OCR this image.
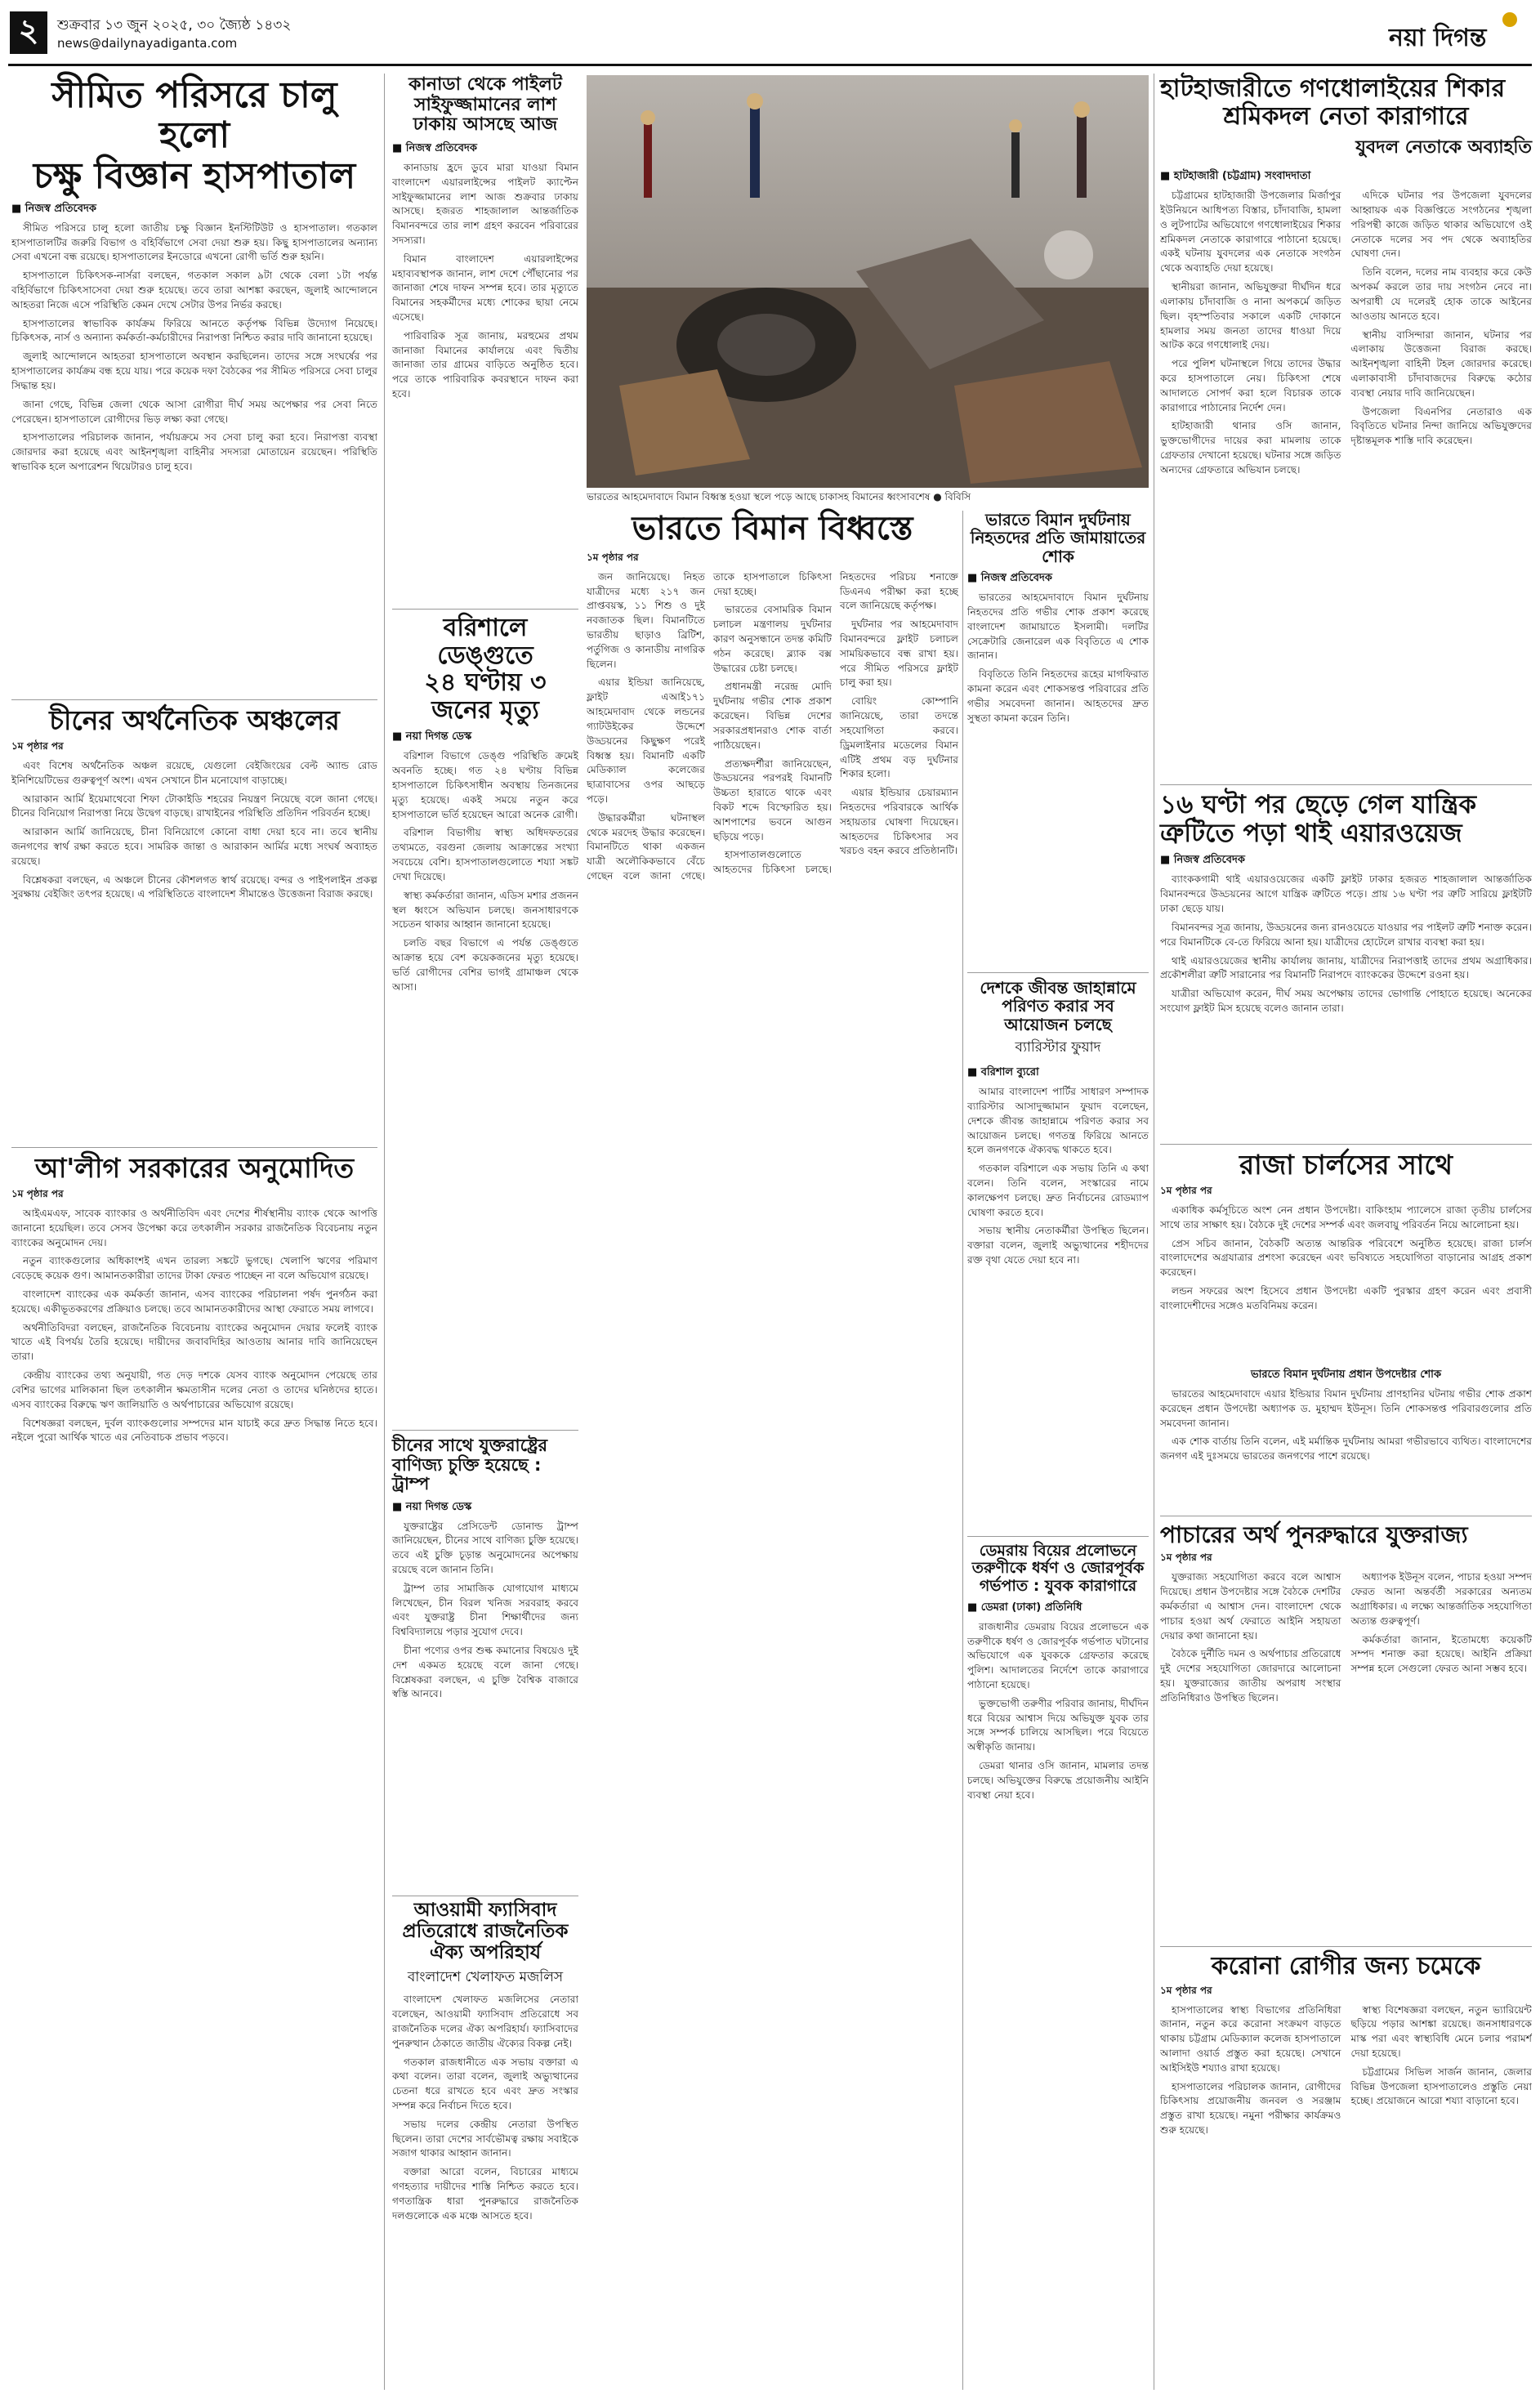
২	শুক্রবার ১৩ জুন ২০২৫, ৩০ জ্যৈষ্ঠ ১৪৩২
news@dailynayadiganta.com	নয়া দিগন্ত
সীমিত পরিসরে চালু হলো
চক্ষু বিজ্ঞান হাসপাতাল
■ নিজস্ব প্রতিবেদক

সীমিত পরিসরে চালু হলো জাতীয় চক্ষু বিজ্ঞান ইনস্টিটিউট ও হাসপাতাল। গতকাল হাসপাতালটির জরুরি বিভাগ ও বহির্বিভাগে সেবা দেয়া শুরু হয়। কিছু হাসপাতালের অন্যান্য সেবা এখনো বন্ধ রয়েছে। হাসপাতালের ইনডোরে এখনো রোগী ভর্তি শুরু হয়নি।

হাসপাতালে চিকিৎসক-নার্সরা বলছেন, গতকাল সকাল ৯টা থেকে বেলা ১টা পর্যন্ত বহির্বিভাগে চিকিৎসাসেবা দেয়া শুরু হয়েছে। তবে তারা আশঙ্কা করছেন, জুলাই আন্দোলনে আহতরা নিজে এসে পরিস্থিতি কেমন দেখে সেটার উপর নির্ভর করছে।

হাসপাতালের স্বাভাবিক কার্যক্রম ফিরিয়ে আনতে কর্তৃপক্ষ বিভিন্ন উদ্যোগ নিয়েছে। চিকিৎসক, নার্স ও অন্যান্য কর্মকর্তা-কর্মচারীদের নিরাপত্তা নিশ্চিত করার দাবি জানানো হয়েছে।

জুলাই আন্দোলনে আহতরা হাসপাতালে অবস্থান করছিলেন। তাদের সঙ্গে সংঘর্ষের পর হাসপাতালের কার্যক্রম বন্ধ হয়ে যায়। পরে কয়েক দফা বৈঠকের পর সীমিত পরিসরে সেবা চালুর সিদ্ধান্ত হয়।

জানা গেছে, বিভিন্ন জেলা থেকে আসা রোগীরা দীর্ঘ সময় অপেক্ষার পর সেবা নিতে পেরেছেন। হাসপাতালে রোগীদের ভিড় লক্ষ্য করা গেছে।

হাসপাতালের পরিচালক জানান, পর্যায়ক্রমে সব সেবা চালু করা হবে। নিরাপত্তা ব্যবস্থা জোরদার করা হয়েছে এবং আইনশৃঙ্খলা বাহিনীর সদস্যরা মোতায়েন রয়েছেন। পরিস্থিতি স্বাভাবিক হলে অপারেশন থিয়েটারও চালু হবে।

চীনের অর্থনৈতিক অঞ্চলের
১ম পৃষ্ঠার পর

এবং বিশেষ অর্থনৈতিক অঞ্চল রয়েছে, যেগুলো বেইজিংয়ের বেল্ট অ্যান্ড রোড ইনিশিয়েটিভের গুরুত্বপূর্ণ অংশ। এখন সেখানে চীন মনোযোগ বাড়াচ্ছে।

আরাকান আর্মি ইয়েমাথেবো শিফা টোকাইডি শহরের নিয়ন্ত্রণ নিয়েছে বলে জানা গেছে। চীনের বিনিয়োগ নিরাপত্তা নিয়ে উদ্বেগ বাড়ছে। রাখাইনের পরিস্থিতি প্রতিদিন পরিবর্তন হচ্ছে।

আরাকান আর্মি জানিয়েছে, চীনা বিনিয়োগে কোনো বাধা দেয়া হবে না। তবে স্থানীয় জনগণের স্বার্থ রক্ষা করতে হবে। সামরিক জান্তা ও আরাকান আর্মির মধ্যে সংঘর্ষ অব্যাহত রয়েছে।

বিশ্লেষকরা বলছেন, এ অঞ্চলে চীনের কৌশলগত স্বার্থ রয়েছে। বন্দর ও পাইপলাইন প্রকল্প সুরক্ষায় বেইজিং তৎপর হয়েছে। এ পরিস্থিতিতে বাংলাদেশ সীমান্তেও উত্তেজনা বিরাজ করছে।

আ'লীগ সরকারের অনুমোদিত
১ম পৃষ্ঠার পর

আইএমএফ, সাবেক ব্যাংকার ও অর্থনীতিবিদ এবং দেশের শীর্ষস্থানীয় ব্যাংক থেকে আপত্তি জানানো হয়েছিল। তবে সেসব উপেক্ষা করে তৎকালীন সরকার রাজনৈতিক বিবেচনায় নতুন ব্যাংকের অনুমোদন দেয়।

নতুন ব্যাংকগুলোর অধিকাংশই এখন তারল্য সঙ্কটে ভুগছে। খেলাপি ঋণের পরিমাণ বেড়েছে কয়েক গুণ। আমানতকারীরা তাদের টাকা ফেরত পাচ্ছেন না বলে অভিযোগ রয়েছে।

বাংলাদেশ ব্যাংকের এক কর্মকর্তা জানান, এসব ব্যাংকের পরিচালনা পর্ষদ পুনর্গঠন করা হয়েছে। একীভূতকরণের প্রক্রিয়াও চলছে। তবে আমানতকারীদের আস্থা ফেরাতে সময় লাগবে।

অর্থনীতিবিদরা বলছেন, রাজনৈতিক বিবেচনায় ব্যাংকের অনুমোদন দেয়ার ফলেই ব্যাংক খাতে এই বিপর্যয় তৈরি হয়েছে। দায়ীদের জবাবদিহির আওতায় আনার দাবি জানিয়েছেন তারা।

কেন্দ্রীয় ব্যাংকের তথ্য অনুযায়ী, গত দেড় দশকে যেসব ব্যাংক অনুমোদন পেয়েছে তার বেশির ভাগের মালিকানা ছিল তৎকালীন ক্ষমতাসীন দলের নেতা ও তাদের ঘনিষ্ঠদের হাতে। এসব ব্যাংকের বিরুদ্ধে ঋণ জালিয়াতি ও অর্থপাচারের অভিযোগ রয়েছে।

বিশেষজ্ঞরা বলছেন, দুর্বল ব্যাংকগুলোর সম্পদের মান যাচাই করে দ্রুত সিদ্ধান্ত নিতে হবে। নইলে পুরো আর্থিক খাতে এর নেতিবাচক প্রভাব পড়বে।

কানাডা থেকে পাইলট
সাইফুজ্জামানের লাশ
ঢাকায় আসছে আজ
■ নিজস্ব প্রতিবেদক

কানাডায় হ্রদে ডুবে মারা যাওয়া বিমান বাংলাদেশ এয়ারলাইন্সের পাইলট ক্যাপ্টেন সাইফুজ্জামানের লাশ আজ শুক্রবার ঢাকায় আসছে। হজরত শাহজালাল আন্তর্জাতিক বিমানবন্দরে তার লাশ গ্রহণ করবেন পরিবারের সদস্যরা।

বিমান বাংলাদেশ এয়ারলাইন্সের মহাব্যবস্থাপক জানান, লাশ দেশে পৌঁছানোর পর জানাজা শেষে দাফন সম্পন্ন হবে। তার মৃত্যুতে বিমানের সহকর্মীদের মধ্যে শোকের ছায়া নেমে এসেছে।

পারিবারিক সূত্র জানায়, মরহুমের প্রথম জানাজা বিমানের কার্যালয়ে এবং দ্বিতীয় জানাজা তার গ্রামের বাড়িতে অনুষ্ঠিত হবে। পরে তাকে পারিবারিক কবরস্থানে দাফন করা হবে।

বরিশালে ডেঙ্গুতে
২৪ ঘণ্টায় ৩
জনের মৃত্যু
■ নয়া দিগন্ত ডেস্ক

বরিশাল বিভাগে ডেঙ্গু পরিস্থিতি ক্রমেই অবনতি হচ্ছে। গত ২৪ ঘণ্টায় বিভিন্ন হাসপাতালে চিকিৎসাধীন অবস্থায় তিনজনের মৃত্যু হয়েছে। একই সময়ে নতুন করে হাসপাতালে ভর্তি হয়েছেন আরো অনেক রোগী।

বরিশাল বিভাগীয় স্বাস্থ্য অধিদফতরের তথ্যমতে, বরগুনা জেলায় আক্রান্তের সংখ্যা সবচেয়ে বেশি। হাসপাতালগুলোতে শয্যা সঙ্কট দেখা দিয়েছে।

স্বাস্থ্য কর্মকর্তারা জানান, এডিস মশার প্রজনন স্থল ধ্বংসে অভিযান চলছে। জনসাধারণকে সচেতন থাকার আহ্বান জানানো হয়েছে।

চলতি বছর বিভাগে এ পর্যন্ত ডেঙ্গুতে আক্রান্ত হয়ে বেশ কয়েকজনের মৃত্যু হয়েছে। ভর্তি রোগীদের বেশির ভাগই গ্রামাঞ্চল থেকে আসা।

চীনের সাথে যুক্তরাষ্ট্রের বাণিজ্য চুক্তি হয়েছে : ট্রাম্প
■ নয়া দিগন্ত ডেস্ক

যুক্তরাষ্ট্রের প্রেসিডেন্ট ডোনাল্ড ট্রাম্প জানিয়েছেন, চীনের সাথে বাণিজ্য চুক্তি হয়েছে। তবে এই চুক্তি চূড়ান্ত অনুমোদনের অপেক্ষায় রয়েছে বলে জানান তিনি।

ট্রাম্প তার সামাজিক যোগাযোগ মাধ্যমে লিখেছেন, চীন বিরল খনিজ সরবরাহ করবে এবং যুক্তরাষ্ট্র চীনা শিক্ষার্থীদের জন্য বিশ্ববিদ্যালয়ে পড়ার সুযোগ দেবে।

চীনা পণ্যের ওপর শুল্ক কমানোর বিষয়েও দুই দেশ একমত হয়েছে বলে জানা গেছে। বিশ্লেষকরা বলছেন, এ চুক্তি বৈশ্বিক বাজারে স্বস্তি আনবে।

আওয়ামী ফ্যাসিবাদ
প্রতিরোধে রাজনৈতিক
ঐক্য অপরিহার্য
বাংলাদেশ খেলাফত মজলিস

বাংলাদেশ খেলাফত মজলিসের নেতারা বলেছেন, আওয়ামী ফ্যাসিবাদ প্রতিরোধে সব রাজনৈতিক দলের ঐক্য অপরিহার্য। ফ্যাসিবাদের পুনরুত্থান ঠেকাতে জাতীয় ঐক্যের বিকল্প নেই।

গতকাল রাজধানীতে এক সভায় বক্তারা এ কথা বলেন। তারা বলেন, জুলাই অভ্যুত্থানের চেতনা ধরে রাখতে হবে এবং দ্রুত সংস্কার সম্পন্ন করে নির্বাচন দিতে হবে।

সভায় দলের কেন্দ্রীয় নেতারা উপস্থিত ছিলেন। তারা দেশের সার্বভৌমত্ব রক্ষায় সবাইকে সজাগ থাকার আহ্বান জানান।

বক্তারা আরো বলেন, বিচারের মাধ্যমে গণহত্যার দায়ীদের শাস্তি নিশ্চিত করতে হবে। গণতান্ত্রিক ধারা পুনরুদ্ধারে রাজনৈতিক দলগুলোকে এক মঞ্চে আসতে হবে।

ভারতের আহমেদাবাদে বিমান বিধ্বস্ত হওয়া স্থলে পড়ে আছে চাকাসহ বিমানের ধ্বংসাবশেষ ● বিবিসি
ভারতে বিমান বিধ্বস্তে
১ম পৃষ্ঠার পর

জন জানিয়েছে। নিহত যাত্রীদের মধ্যে ২১৭ জন প্রাপ্তবয়স্ক, ১১ শিশু ও দুই নবজাতক ছিল। বিমানটিতে ভারতীয় ছাড়াও ব্রিটিশ, পর্তুগিজ ও কানাডীয় নাগরিক ছিলেন।

এয়ার ইন্ডিয়া জানিয়েছে, ফ্লাইট এআই১৭১ আহমেদাবাদ থেকে লন্ডনের গ্যাটউইকের উদ্দেশে উড্ডয়নের কিছুক্ষণ পরেই বিধ্বস্ত হয়। বিমানটি একটি মেডিক্যাল কলেজের ছাত্রাবাসের ওপর আছড়ে পড়ে।

উদ্ধারকর্মীরা ঘটনাস্থল থেকে মরদেহ উদ্ধার করেছেন। বিমানটিতে থাকা একজন যাত্রী অলৌকিকভাবে বেঁচে গেছেন বলে জানা গেছে। তাকে হাসপাতালে চিকিৎসা দেয়া হচ্ছে।

ভারতের বেসামরিক বিমান চলাচল মন্ত্রণালয় দুর্ঘটনার কারণ অনুসন্ধানে তদন্ত কমিটি গঠন করেছে। ব্ল্যাক বক্স উদ্ধারের চেষ্টা চলছে।

প্রধানমন্ত্রী নরেন্দ্র মোদি দুর্ঘটনায় গভীর শোক প্রকাশ করেছেন। বিভিন্ন দেশের সরকারপ্রধানরাও শোক বার্তা পাঠিয়েছেন।

প্রত্যক্ষদর্শীরা জানিয়েছেন, উড্ডয়নের পরপরই বিমানটি উচ্চতা হারাতে থাকে এবং বিকট শব্দে বিস্ফোরিত হয়। আশপাশের ভবনে আগুন ছড়িয়ে পড়ে।

হাসপাতালগুলোতে আহতদের চিকিৎসা চলছে। নিহতদের পরিচয় শনাক্তে ডিএনএ পরীক্ষা করা হচ্ছে বলে জানিয়েছে কর্তৃপক্ষ।

দুর্ঘটনার পর আহমেদাবাদ বিমানবন্দরে ফ্লাইট চলাচল সাময়িকভাবে বন্ধ রাখা হয়। পরে সীমিত পরিসরে ফ্লাইট চালু করা হয়।

বোয়িং কোম্পানি জানিয়েছে, তারা তদন্তে সহযোগিতা করবে। ড্রিমলাইনার মডেলের বিমান এটিই প্রথম বড় দুর্ঘটনার শিকার হলো।

এয়ার ইন্ডিয়ার চেয়ারম্যান নিহতদের পরিবারকে আর্থিক সহায়তার ঘোষণা দিয়েছেন। আহতদের চিকিৎসার সব খরচও বহন করবে প্রতিষ্ঠানটি।

ভারতে বিমান দুর্ঘটনায় নিহতদের প্রতি জামায়াতের শোক
■ নিজস্ব প্রতিবেদক

ভারতের আহমেদাবাদে বিমান দুর্ঘটনায় নিহতদের প্রতি গভীর শোক প্রকাশ করেছে বাংলাদেশ জামায়াতে ইসলামী। দলটির সেক্রেটারি জেনারেল এক বিবৃতিতে এ শোক জানান।

বিবৃতিতে তিনি নিহতদের রূহের মাগফিরাত কামনা করেন এবং শোকসন্তপ্ত পরিবারের প্রতি গভীর সমবেদনা জানান। আহতদের দ্রুত সুস্থতা কামনা করেন তিনি।

দেশকে জীবন্ত জাহান্নামে পরিণত করার সব আয়োজন চলছে
ব্যারিস্টার ফুয়াদ
■ বরিশাল ব্যুরো

আমার বাংলাদেশ পার্টির সাধারণ সম্পাদক ব্যারিস্টার আসাদুজ্জামান ফুয়াদ বলেছেন, দেশকে জীবন্ত জাহান্নামে পরিণত করার সব আয়োজন চলছে। গণতন্ত্র ফিরিয়ে আনতে হলে জনগণকে ঐক্যবদ্ধ থাকতে হবে।

গতকাল বরিশালে এক সভায় তিনি এ কথা বলেন। তিনি বলেন, সংস্কারের নামে কালক্ষেপণ চলছে। দ্রুত নির্বাচনের রোডম্যাপ ঘোষণা করতে হবে।

সভায় স্থানীয় নেতাকর্মীরা উপস্থিত ছিলেন। বক্তারা বলেন, জুলাই অভ্যুত্থানের শহীদদের রক্ত বৃথা যেতে দেয়া হবে না।

ডেমরায় বিয়ের প্রলোভনে তরুণীকে ধর্ষণ ও জোরপূর্বক গর্ভপাত : যুবক কারাগারে
■ ডেমরা (ঢাকা) প্রতিনিধি

রাজধানীর ডেমরায় বিয়ের প্রলোভনে এক তরুণীকে ধর্ষণ ও জোরপূর্বক গর্ভপাত ঘটানোর অভিযোগে এক যুবককে গ্রেফতার করেছে পুলিশ। আদালতের নির্দেশে তাকে কারাগারে পাঠানো হয়েছে।

ভুক্তভোগী তরুণীর পরিবার জানায়, দীর্ঘদিন ধরে বিয়ের আশ্বাস দিয়ে অভিযুক্ত যুবক তার সঙ্গে সম্পর্ক চালিয়ে আসছিল। পরে বিয়েতে অস্বীকৃতি জানায়।

ডেমরা থানার ওসি জানান, মামলার তদন্ত চলছে। অভিযুক্তের বিরুদ্ধে প্রয়োজনীয় আইনি ব্যবস্থা নেয়া হবে।

হাটহাজারীতে গণধোলাইয়ের শিকার
শ্রমিকদল নেতা কারাগারে
যুবদল নেতাকে অব্যাহতি
■ হাটহাজারী (চট্টগ্রাম) সংবাদদাতা

চট্টগ্রামের হাটহাজারী উপজেলার মির্জাপুর ইউনিয়নে আধিপত্য বিস্তার, চাঁদাবাজি, হামলা ও লুটপাটের অভিযোগে গণধোলাইয়ের শিকার শ্রমিকদল নেতাকে কারাগারে পাঠানো হয়েছে। একই ঘটনায় যুবদলের এক নেতাকে সংগঠন থেকে অব্যাহতি দেয়া হয়েছে।

স্থানীয়রা জানান, অভিযুক্তরা দীর্ঘদিন ধরে এলাকায় চাঁদাবাজি ও নানা অপকর্মে জড়িত ছিল। বৃহস্পতিবার সকালে একটি দোকানে হামলার সময় জনতা তাদের ধাওয়া দিয়ে আটক করে গণধোলাই দেয়।

পরে পুলিশ ঘটনাস্থলে গিয়ে তাদের উদ্ধার করে হাসপাতালে নেয়। চিকিৎসা শেষে আদালতে সোপর্দ করা হলে বিচারক তাকে কারাগারে পাঠানোর নির্দেশ দেন।

হাটহাজারী থানার ওসি জানান, ভুক্তভোগীদের দায়ের করা মামলায় তাকে গ্রেফতার দেখানো হয়েছে। ঘটনার সঙ্গে জড়িত অন্যদের গ্রেফতারে অভিযান চলছে।

এদিকে ঘটনার পর উপজেলা যুবদলের আহ্বায়ক এক বিজ্ঞপ্তিতে সংগঠনের শৃঙ্খলা পরিপন্থী কাজে জড়িত থাকার অভিযোগে ওই নেতাকে দলের সব পদ থেকে অব্যাহতির ঘোষণা দেন।

তিনি বলেন, দলের নাম ব্যবহার করে কেউ অপকর্ম করলে তার দায় সংগঠন নেবে না। অপরাধী যে দলেরই হোক তাকে আইনের আওতায় আনতে হবে।

স্থানীয় বাসিন্দারা জানান, ঘটনার পর এলাকায় উত্তেজনা বিরাজ করছে। আইনশৃঙ্খলা বাহিনী টহল জোরদার করেছে। এলাকাবাসী চাঁদাবাজদের বিরুদ্ধে কঠোর ব্যবস্থা নেয়ার দাবি জানিয়েছেন।

উপজেলা বিএনপির নেতারাও এক বিবৃতিতে ঘটনার নিন্দা জানিয়ে অভিযুক্তদের দৃষ্টান্তমূলক শাস্তি দাবি করেছেন।

১৬ ঘণ্টা পর ছেড়ে গেল যান্ত্রিক ত্রুটিতে পড়া থাই এয়ারওয়েজ
■ নিজস্ব প্রতিবেদক

ব্যাংককগামী থাই এয়ারওয়েজের একটি ফ্লাইট ঢাকার হজরত শাহজালাল আন্তর্জাতিক বিমানবন্দরে উড্ডয়নের আগে যান্ত্রিক ত্রুটিতে পড়ে। প্রায় ১৬ ঘণ্টা পর ত্রুটি সারিয়ে ফ্লাইটটি ঢাকা ছেড়ে যায়।

বিমানবন্দর সূত্র জানায়, উড্ডয়নের জন্য রানওয়েতে যাওয়ার পর পাইলট ত্রুটি শনাক্ত করেন। পরে বিমানটিকে বে-তে ফিরিয়ে আনা হয়। যাত্রীদের হোটেলে রাখার ব্যবস্থা করা হয়।

থাই এয়ারওয়েজের স্থানীয় কার্যালয় জানায়, যাত্রীদের নিরাপত্তাই তাদের প্রথম অগ্রাধিকার। প্রকৌশলীরা ত্রুটি সারানোর পর বিমানটি নিরাপদে ব্যাংককের উদ্দেশে রওনা হয়।

যাত্রীরা অভিযোগ করেন, দীর্ঘ সময় অপেক্ষায় তাদের ভোগান্তি পোহাতে হয়েছে। অনেকের সংযোগ ফ্লাইট মিস হয়েছে বলেও জানান তারা।

রাজা চার্লসের সাথে
১ম পৃষ্ঠার পর

একাধিক কর্মসূচিতে অংশ নেন প্রধান উপদেষ্টা। বাকিংহাম প্যালেসে রাজা তৃতীয় চার্লসের সাথে তার সাক্ষাৎ হয়। বৈঠকে দুই দেশের সম্পর্ক এবং জলবায়ু পরিবর্তন নিয়ে আলোচনা হয়।

প্রেস সচিব জানান, বৈঠকটি অত্যন্ত আন্তরিক পরিবেশে অনুষ্ঠিত হয়েছে। রাজা চার্লস বাংলাদেশের অগ্রযাত্রার প্রশংসা করেছেন এবং ভবিষ্যতে সহযোগিতা বাড়ানোর আগ্রহ প্রকাশ করেছেন।

লন্ডন সফরের অংশ হিসেবে প্রধান উপদেষ্টা একটি পুরস্কার গ্রহণ করেন এবং প্রবাসী বাংলাদেশীদের সঙ্গেও মতবিনিময় করেন।

ভারতে বিমান দুর্ঘটনায় প্রধান উপদেষ্টার শোক

ভারতের আহমেদাবাদে এয়ার ইন্ডিয়ার বিমান দুর্ঘটনায় প্রাণহানির ঘটনায় গভীর শোক প্রকাশ করেছেন প্রধান উপদেষ্টা অধ্যাপক ড. মুহাম্মদ ইউনূস। তিনি শোকসন্তপ্ত পরিবারগুলোর প্রতি সমবেদনা জানান।

এক শোক বার্তায় তিনি বলেন, এই মর্মান্তিক দুর্ঘটনায় আমরা গভীরভাবে ব্যথিত। বাংলাদেশের জনগণ এই দুঃসময়ে ভারতের জনগণের পাশে রয়েছে।

পাচারের অর্থ পুনরুদ্ধারে যুক্তরাজ্য
১ম পৃষ্ঠার পর

যুক্তরাজ্য সহযোগিতা করবে বলে আশ্বাস দিয়েছে। প্রধান উপদেষ্টার সঙ্গে বৈঠকে দেশটির কর্মকর্তারা এ আশ্বাস দেন। বাংলাদেশ থেকে পাচার হওয়া অর্থ ফেরাতে আইনি সহায়তা দেয়ার কথা জানানো হয়।

বৈঠকে দুর্নীতি দমন ও অর্থপাচার প্রতিরোধে দুই দেশের সহযোগিতা জোরদারে আলোচনা হয়। যুক্তরাজ্যের জাতীয় অপরাধ সংস্থার প্রতিনিধিরাও উপস্থিত ছিলেন।

অধ্যাপক ইউনূস বলেন, পাচার হওয়া সম্পদ ফেরত আনা অন্তর্বর্তী সরকারের অন্যতম অগ্রাধিকার। এ লক্ষ্যে আন্তর্জাতিক সহযোগিতা অত্যন্ত গুরুত্বপূর্ণ।

কর্মকর্তারা জানান, ইতোমধ্যে কয়েকটি সম্পদ শনাক্ত করা হয়েছে। আইনি প্রক্রিয়া সম্পন্ন হলে সেগুলো ফেরত আনা সম্ভব হবে।

করোনা রোগীর জন্য চমেকে
১ম পৃষ্ঠার পর

হাসপাতালের স্বাস্থ্য বিভাগের প্রতিনিধিরা জানান, নতুন করে করোনা সংক্রমণ বাড়তে থাকায় চট্টগ্রাম মেডিক্যাল কলেজ হাসপাতালে আলাদা ওয়ার্ড প্রস্তুত করা হয়েছে। সেখানে আইসিইউ শয্যাও রাখা হয়েছে।

হাসপাতালের পরিচালক জানান, রোগীদের চিকিৎসায় প্রয়োজনীয় জনবল ও সরঞ্জাম প্রস্তুত রাখা হয়েছে। নমুনা পরীক্ষার কার্যক্রমও শুরু হয়েছে।

স্বাস্থ্য বিশেষজ্ঞরা বলছেন, নতুন ভ্যারিয়েন্ট ছড়িয়ে পড়ার আশঙ্কা রয়েছে। জনসাধারণকে মাস্ক পরা এবং স্বাস্থ্যবিধি মেনে চলার পরামর্শ দেয়া হয়েছে।

চট্টগ্রামের সিভিল সার্জন জানান, জেলার বিভিন্ন উপজেলা হাসপাতালেও প্রস্তুতি নেয়া হচ্ছে। প্রয়োজনে আরো শয্যা বাড়ানো হবে।
